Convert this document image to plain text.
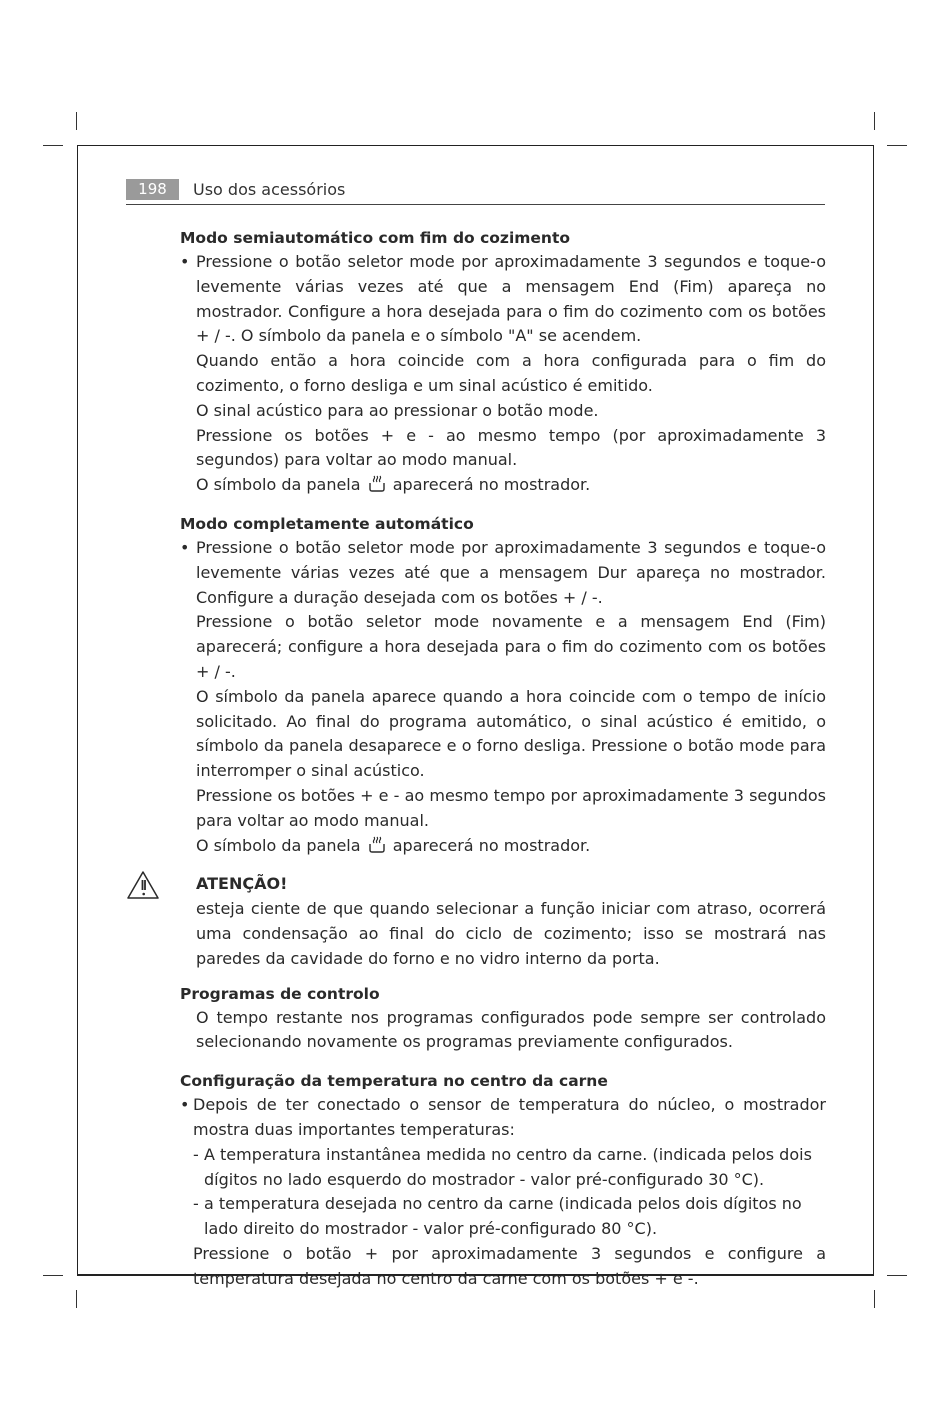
198	Uso dos acessórios

Modo semiautomático com fim do cozimento

• Pressione o botão seletor mode por aproximadamente 3 segundos e toque-o levemente várias vezes até que a mensagem End (Fim) apareça no mostrador. Configure a hora desejada para o fim do cozimento com os botões + / -. O símbolo da panela e o símbolo "A" se acendem.

Quando então a hora coincide com a hora configurada para o fim do cozimento, o forno desliga e um sinal acústico é emitido.

O sinal acústico para ao pressionar o botão mode.

Pressione os botões + e - ao mesmo tempo (por aproximadamente 3 segundos) para voltar ao modo manual.

O símbolo da panela aparecerá no mostrador.

Modo completamente automático

• Pressione o botão seletor mode por aproximadamente 3 segundos e toque-o levemente várias vezes até que a mensagem Dur apareça no mostrador. Configure a duração desejada com os botões + / -.

Pressione o botão seletor mode novamente e a mensagem End (Fim) aparecerá; configure a hora desejada para o fim do cozimento com os botões + / -.

O símbolo da panela aparece quando a hora coincide com o tempo de início solicitado. Ao final do programa automático, o sinal acústico é emitido, o símbolo da panela desaparece e o forno desliga. Pressione o botão mode para interromper o sinal acústico.

Pressione os botões + e - ao mesmo tempo por aproximadamente 3 segundos para voltar ao modo manual.

O símbolo da panela aparecerá no mostrador.

ATENÇÃO!

esteja ciente de que quando selecionar a função iniciar com atraso, ocorrerá uma condensação ao final do ciclo de cozimento; isso se mostrará nas paredes da cavidade do forno e no vidro interno da porta.

Programas de controlo

O tempo restante nos programas configurados pode sempre ser controlado selecionando novamente os programas previamente configurados.

Configuração da temperatura no centro da carne

• Depois de ter conectado o sensor de temperatura do núcleo, o mostrador mostra duas importantes temperaturas:

- A temperatura instantânea medida no centro da carne. (indicada pelos dois dígitos no lado esquerdo do mostrador - valor pré-configurado 30 °C).

- a temperatura desejada no centro da carne (indicada pelos dois dígitos no lado direito do mostrador - valor pré-configurado 80 °C).

Pressione o botão + por aproximadamente 3 segundos e configure a temperatura desejada no centro da carne com os botões + e -.
